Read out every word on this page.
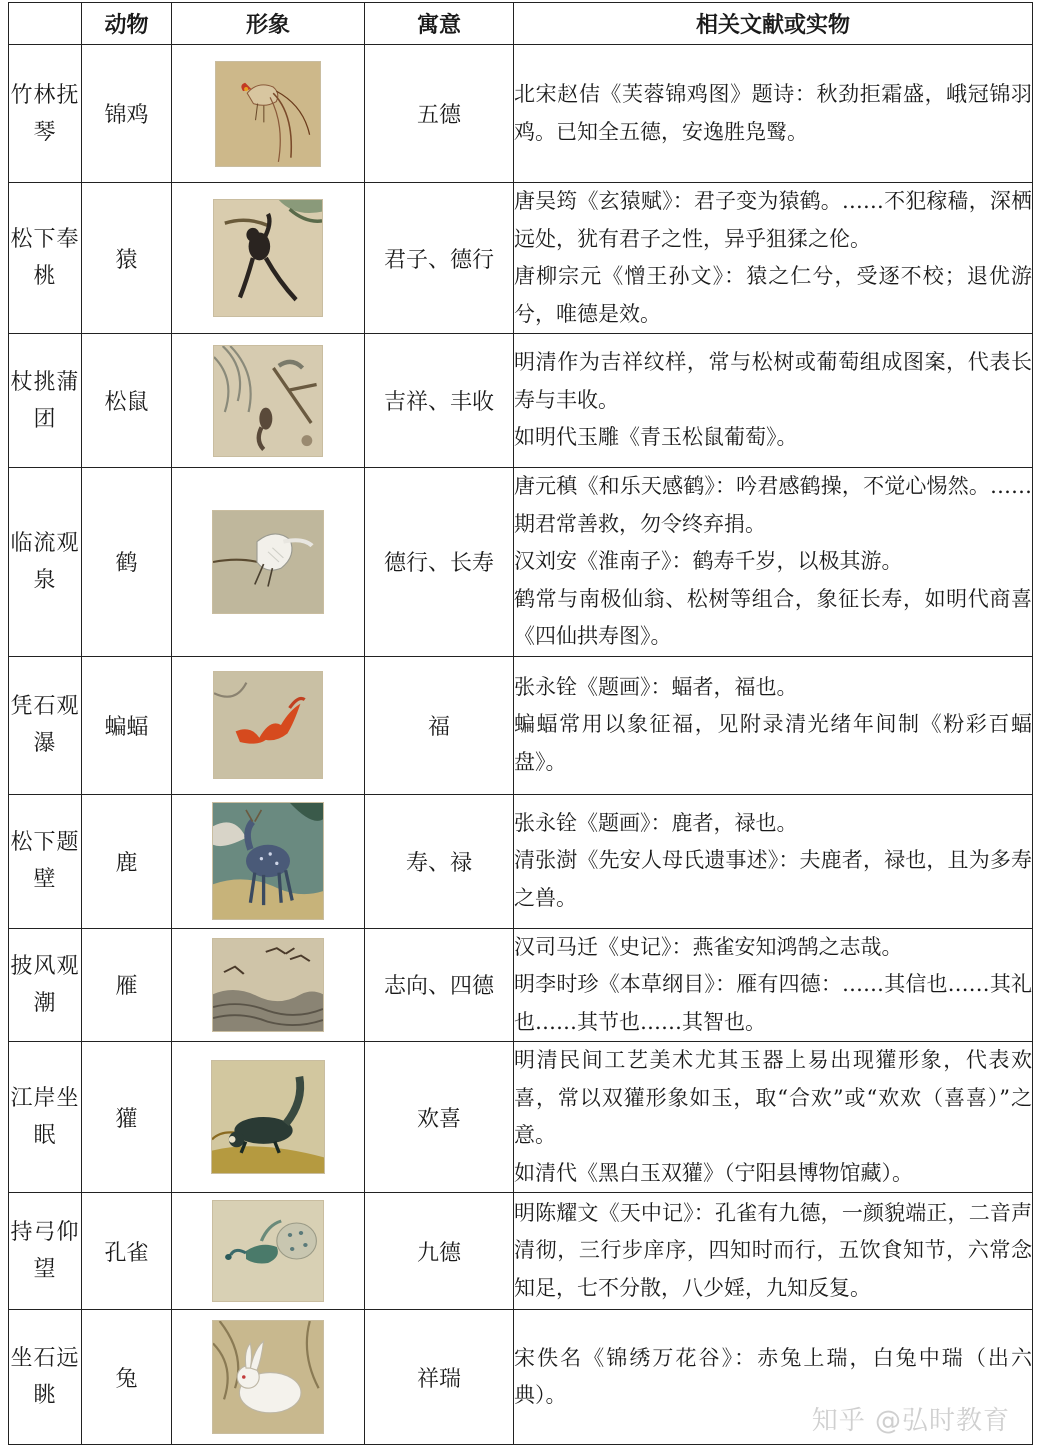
	动物	形象	寓意	相关文献或实物
竹林抚琴	锦鸡		五德	北宋赵佶《芙蓉锦鸡图》题诗：秋劲拒霜盛，峨冠锦羽鸡。已知全五德，安逸胜凫鹥。

松下奉桃	猿		君子、德行	唐吴筠《玄猿赋》：君子变为猿鹤。……不犯稼穑，深栖远处，犹有君子之性，异乎狙猱之伦。

唐柳宗元《憎王孙文》：猿之仁兮，受逐不校；退优游兮，唯德是效。

杖挑蒲团	松鼠		吉祥、丰收	明清作为吉祥纹样，常与松树或葡萄组成图案，代表长寿与丰收。

如明代玉雕《青玉松鼠葡萄》。

临流观泉	鹤		德行、长寿	唐元稹《和乐天感鹤》：吟君感鹤操，不觉心惕然。……期君常善救，勿令终弃捐。

汉刘安《淮南子》：鹤寿千岁，以极其游。

鹤常与南极仙翁、松树等组合，象征长寿，如明代商喜《四仙拱寿图》。

凭石观瀑	蝙蝠		福	张永铨《题画》：蝠者，福也。

蝙蝠常用以象征福，见附录清光绪年间制《粉彩百蝠盘》。

松下题壁	鹿		寿、禄	张永铨《题画》：鹿者，禄也。

清张澍《先安人母氏遗事述》：夫鹿者，禄也，且为多寿之兽。

披风观潮	雁		志向、四德	汉司马迁《史记》：燕雀安知鸿鹄之志哉。

明李时珍《本草纲目》：雁有四德：……其信也……其礼也……其节也……其智也。

江岸坐眠	獾		欢喜	明清民间工艺美术尤其玉器上易出现獾形象，代表欢喜，常以双獾形象如玉，取“合欢”或“欢欢（喜喜）”之意。

如清代《黑白玉双獾》（宁阳县博物馆藏）。

持弓仰望	孔雀		九德	明陈耀文《天中记》：孔雀有九德，一颜貌端正，二音声清彻，三行步庠序，四知时而行，五饮食知节，六常念知足，七不分散，八少婬，九知反复。

坐石远眺	兔		祥瑞	宋佚名《锦绣万花谷》：赤兔上瑞，白兔中瑞（出六典）。

知乎 @弘时教育
